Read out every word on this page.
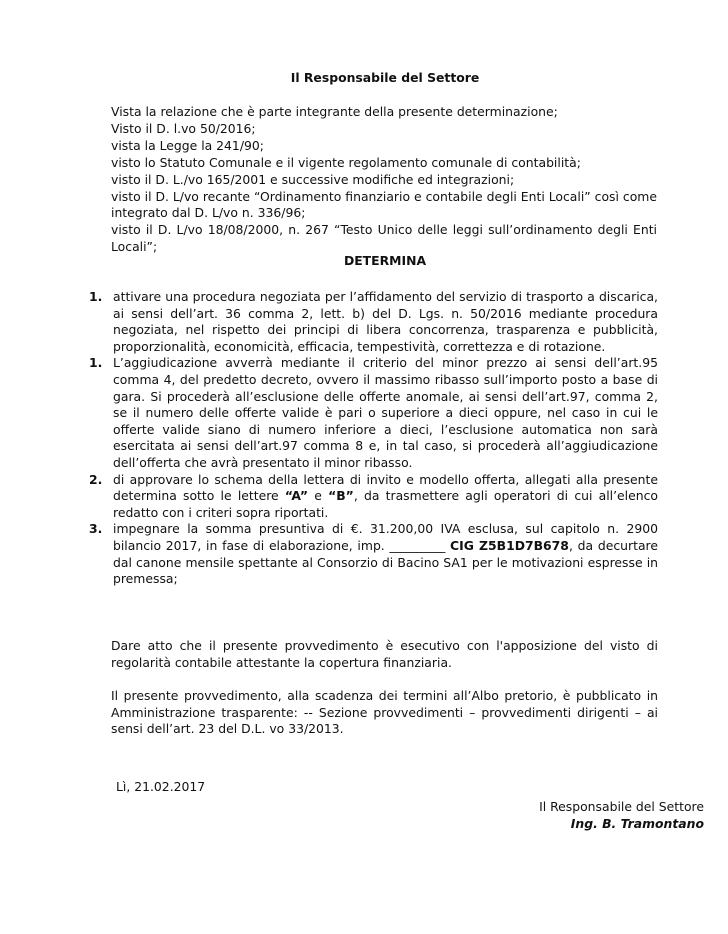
Il Responsabile del Settore
Vista la relazione che è parte integrante della presente determinazione;
Visto il D. l.vo 50/2016;
vista la Legge la 241/90;
visto lo Statuto Comunale e il vigente regolamento comunale di contabilità;
visto il D. L./vo 165/2001 e successive modifiche ed integrazioni;
visto il D. L/vo recante “Ordinamento finanziario e contabile degli Enti Locali” così come integrato dal D. L/vo n. 336/96;
visto il D. L/vo 18/08/2000, n. 267 “Testo Unico delle leggi sull’ordinamento degli Enti Locali”;
DETERMINA
1. attivare una procedura negoziata per l’affidamento del servizio di trasporto a discarica, ai sensi dell’art. 36 comma 2, lett. b) del D. Lgs. n. 50/2016 mediante procedura negoziata, nel rispetto dei principi di libera concorrenza, trasparenza e pubblicità, proporzionalità, economicità, efficacia, tempestività, correttezza e di rotazione.
1. L’aggiudicazione avverrà mediante il criterio del minor prezzo ai sensi dell’art.95 comma 4, del predetto decreto, ovvero il massimo ribasso sull’importo posto a base di gara. Si procederà all’esclusione delle offerte anomale, ai sensi dell’art.97, comma 2, se il numero delle offerte valide è pari o superiore a dieci oppure, nel caso in cui le offerte valide siano di numero inferiore a dieci, l’esclusione automatica non sarà esercitata ai sensi dell’art.97 comma 8 e, in tal caso, si procederà all’aggiudicazione dell’offerta che avrà presentato il minor ribasso.
2. di approvare lo schema della lettera di invito e modello offerta, allegati alla presente determina sotto le lettere “A” e “B”, da trasmettere agli operatori di cui all’elenco redatto con i criteri sopra riportati.
3. impegnare la somma presuntiva di €. 31.200,00 IVA esclusa, sul capitolo n. 2900 bilancio 2017, in fase di elaborazione, imp. _________ CIG Z5B1D7B678, da decurtare dal canone mensile spettante al Consorzio di Bacino SA1 per le motivazioni espresse in premessa;
Dare atto che il presente provvedimento è esecutivo con l'apposizione del visto di regolarità contabile attestante la copertura finanziaria.
Il presente provvedimento, alla scadenza dei termini all’Albo pretorio, è pubblicato in Amministrazione trasparente: -- Sezione provvedimenti – provvedimenti dirigenti – ai sensi dell’art. 23 del D.L. vo 33/2013.
Lì, 21.02.2017
Il Responsabile del Settore
Ing. B. Tramontano
